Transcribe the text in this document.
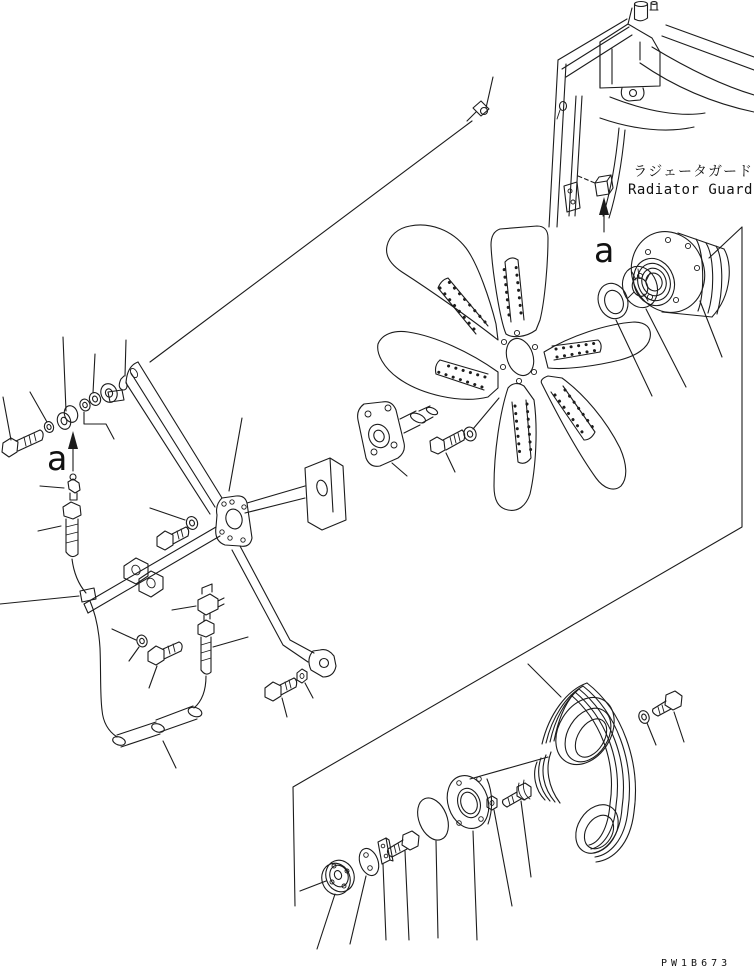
ラジェータガード
Radiator Guard
a
a
PW1B673
